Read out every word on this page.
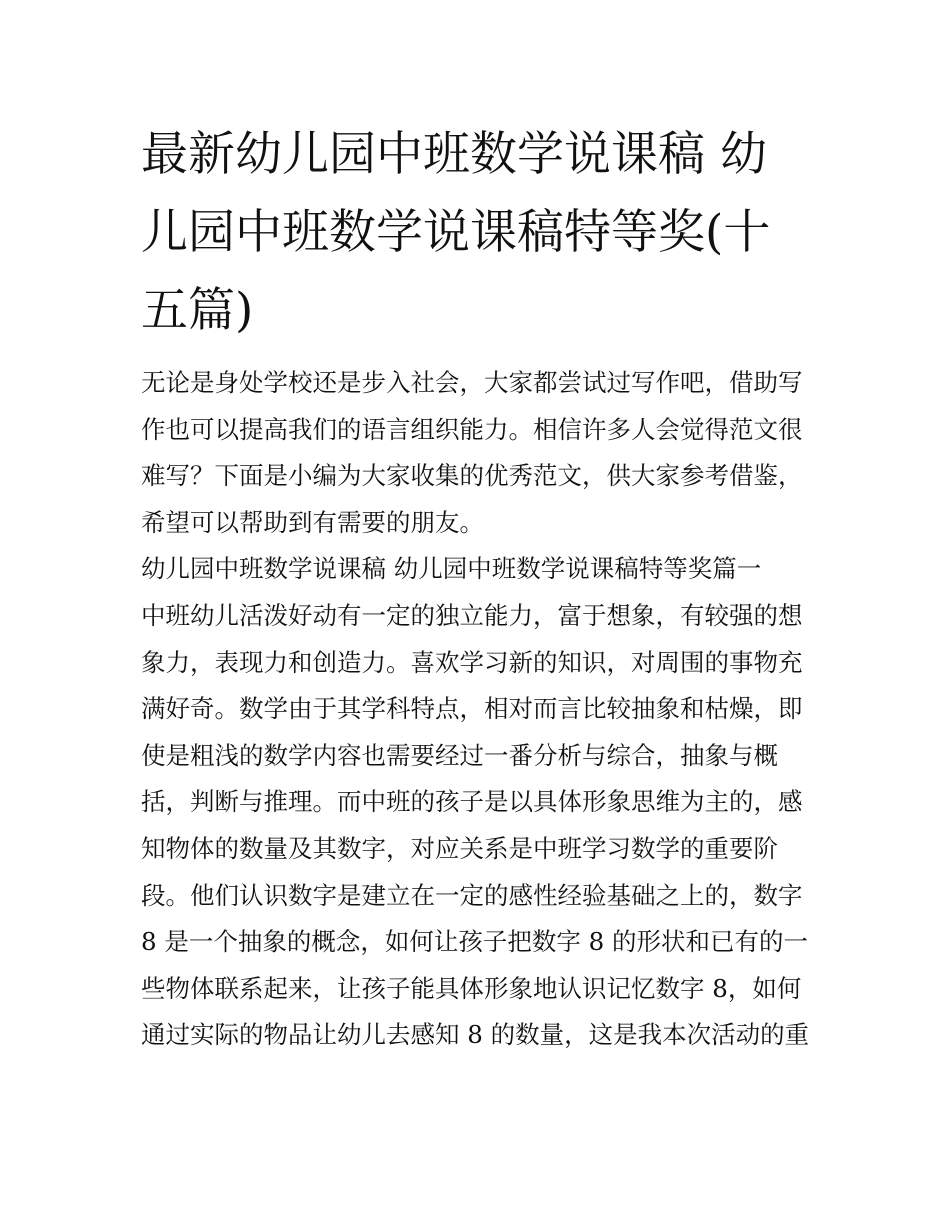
最新幼儿园中班数学说课稿 幼
儿园中班数学说课稿特等奖(十
五篇)
无论是身处学校还是步入社会，大家都尝试过写作吧，借助写
作也可以提高我们的语言组织能力。相信许多人会觉得范文很
难写？下面是小编为大家收集的优秀范文，供大家参考借鉴，
希望可以帮助到有需要的朋友。
幼儿园中班数学说课稿 幼儿园中班数学说课稿特等奖篇一
中班幼儿活泼好动有一定的独立能力，富于想象，有较强的想
象力，表现力和创造力。喜欢学习新的知识，对周围的事物充
满好奇。数学由于其学科特点，相对而言比较抽象和枯燥，即
使是粗浅的数学内容也需要经过一番分析与综合，抽象与概
括，判断与推理。而中班的孩子是以具体形象思维为主的，感
知物体的数量及其数字，对应关系是中班学习数学的重要阶
段。他们认识数字是建立在一定的感性经验基础之上的，数字
8 是一个抽象的概念，如何让孩子把数字 8 的形状和已有的一
些物体联系起来，让孩子能具体形象地认识记忆数字 8，如何
通过实际的物品让幼儿去感知 8 的数量，这是我本次活动的重
